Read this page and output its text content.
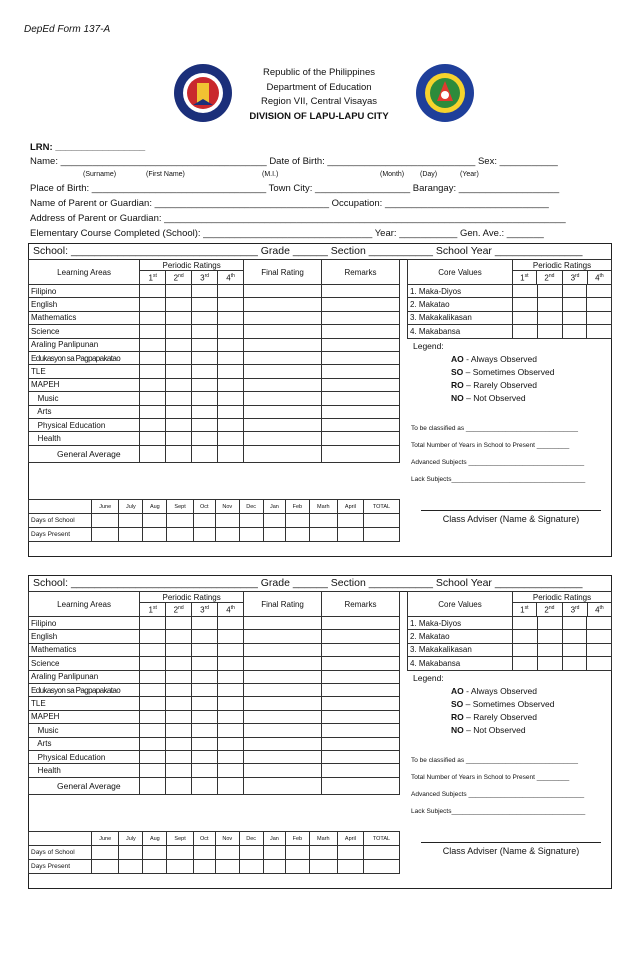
DepEd Form 137-A
Republic of the Philippines
Department of Education
Region VII, Central Visayas
DIVISION OF LAPU-LAPU CITY
LRN: _________________
Name: _______________________________________ Date of Birth: ____________________________ Sex: ___________
(Surname)	(First Name)	(M.I.)	(Month) (Day)	(Year)
Place of Birth: _________________________________ Town City: __________________ Barangay: ___________________
Name of Parent or Guardian: _________________________________ Occupation: _______________________________
Address of Parent or Guardian: ____________________________________________________________________________
Elementary Course Completed (School): ________________________________ Year: ___________ Gen. Ave.: _______
School: ________________________________ Grade ______ Section ___________ School Year _______________
Learning Areas	Periodic Ratings				Final Rating	Remarks
	1st	2nd	3rd	4th
Filipino						
English						
Mathematics						
Science						
Araling Panlipunan						
Edukasyon sa Pagpapakatao						
TLE						
MAPEH						
Music						
Arts						
Physical Education						
Health						
General Average						
Core Values	Periodic Ratings			
	1st	2nd	3rd	4th
1. Maka-Diyos				
2. Makatao				
3. Makakalikasan				
4. Makabansa				
Legend:
AO - Always Observed
SO – Sometimes Observed
RO – Rarely Observed
NO – Not Observed
To be classified as _______________________________
Total Number of Years in School to Present _________
Advanced Subjects ________________________________
Lack Subjects_____________________________________
	June	July	Aug	Sept	Oct	Nov	Dec	Jan	Feb	Marh	April	TOTAL
Days of School												
Days Present												
Class Adviser (Name & Signature)
School: ________________________________ Grade ______ Section ___________ School Year _______________
Learning Areas	Periodic Ratings				Final Rating	Remarks
	1st	2nd	3rd	4th
Filipino						
English						
Mathematics						
Science						
Araling Panlipunan						
Edukasyon sa Pagpapakatao						
TLE						
MAPEH						
Music						
Arts						
Physical Education						
Health						
General Average						
Core Values	Periodic Ratings			
	1st	2nd	3rd	4th
1. Maka-Diyos				
2. Makatao				
3. Makakalikasan				
4. Makabansa				
Legend:
AO - Always Observed
SO – Sometimes Observed
RO – Rarely Observed
NO – Not Observed
To be classified as _______________________________
Total Number of Years in School to Present _________
Advanced Subjects ________________________________
Lack Subjects_____________________________________
	June	July	Aug	Sept	Oct	Nov	Dec	Jan	Feb	Marh	April	TOTAL
Days of School												
Days Present												
Class Adviser (Name & Signature)
